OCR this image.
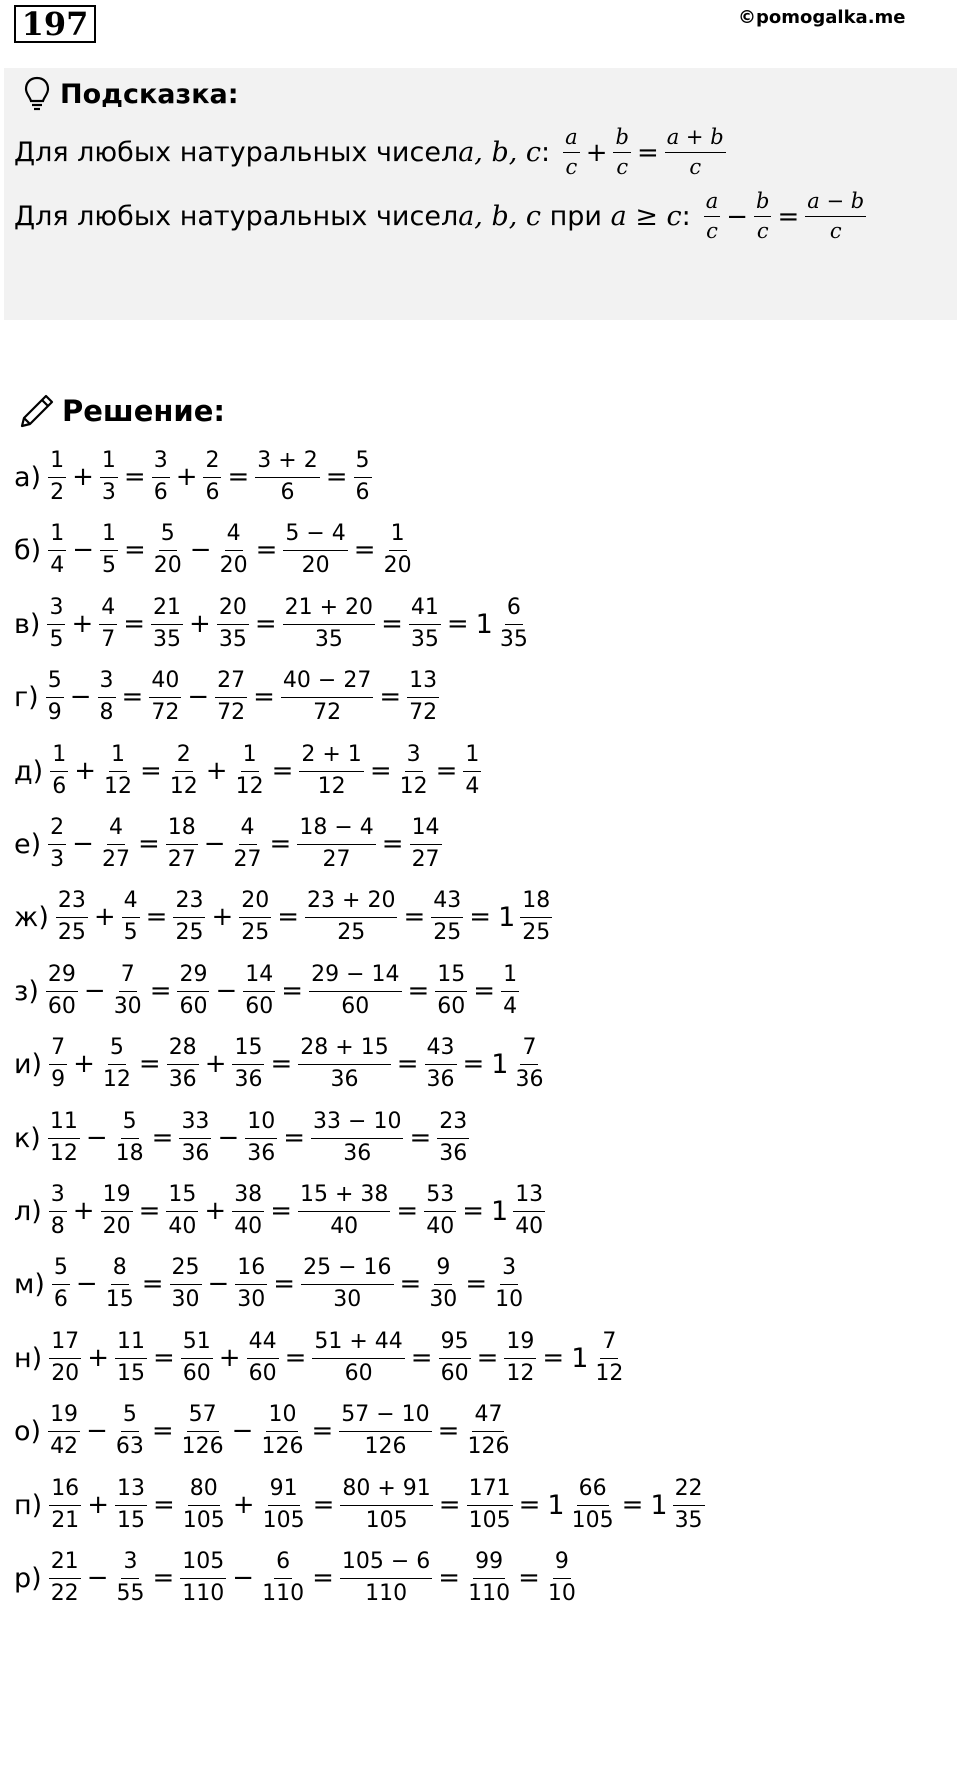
197	©pomogalka.me
Подсказка:
Для любых натуральных чисел a, b, c : $\frac{a}{c} + \frac{b}{c} = \frac{a + b}{c}$
Для любых натуральных чисел a, b, c при a ≥ c : $\frac{a}{c} - \frac{b}{c} = \frac{a - b}{c}$
Решение:
$а) \frac{1}{2} + \frac{1}{3} = \frac{3}{6} + \frac{2}{6} = \frac{3 + 2}{6} = \frac{5}{6}$
$б) \frac{1}{4} - \frac{1}{5} = \frac{5}{20} - \frac{4}{20} = \frac{5 - 4}{20} = \frac{1}{20}$
$в) \frac{3}{5} + \frac{4}{7} = \frac{21}{35} + \frac{20}{35} = \frac{21 + 20}{35} = \frac{41}{35} = 1 \frac{6}{35}$
$г) \frac{5}{9} - \frac{3}{8} = \frac{40}{72} - \frac{27}{72} = \frac{40 - 27}{72} = \frac{13}{72}$
$д) \frac{1}{6} + \frac{1}{12} = \frac{2}{12} + \frac{1}{12} = \frac{2 + 1}{12} = \frac{3}{12} = \frac{1}{4}$
$е) \frac{2}{3} - \frac{4}{27} = \frac{18}{27} - \frac{4}{27} = \frac{18 - 4}{27} = \frac{14}{27}$
$ж) \frac{23}{25} + \frac{4}{5} = \frac{23}{25} + \frac{20}{25} = \frac{23 + 20}{25} = \frac{43}{25} = 1 \frac{18}{25}$
$з) \frac{29}{60} - \frac{7}{30} = \frac{29}{60} - \frac{14}{60} = \frac{29 - 14}{60} = \frac{15}{60} = \frac{1}{4}$
$и) \frac{7}{9} + \frac{5}{12} = \frac{28}{36} + \frac{15}{36} = \frac{28 + 15}{36} = \frac{43}{36} = 1 \frac{7}{36}$
$к) \frac{11}{12} - \frac{5}{18} = \frac{33}{36} - \frac{10}{36} = \frac{33 - 10}{36} = \frac{23}{36}$
$л) \frac{3}{8} + \frac{19}{20} = \frac{15}{40} + \frac{38}{40} = \frac{15 + 38}{40} = \frac{53}{40} = 1 \frac{13}{40}$
$м) \frac{5}{6} - \frac{8}{15} = \frac{25}{30} - \frac{16}{30} = \frac{25 - 16}{30} = \frac{9}{30} = \frac{3}{10}$
$н) \frac{17}{20} + \frac{11}{15} = \frac{51}{60} + \frac{44}{60} = \frac{51 + 44}{60} = \frac{95}{60} = \frac{19}{12} = 1 \frac{7}{12}$
$о) \frac{19}{42} - \frac{5}{63} = \frac{57}{126} - \frac{10}{126} = \frac{57 - 10}{126} = \frac{47}{126}$
$п) \frac{16}{21} + \frac{13}{15} = \frac{80}{105} + \frac{91}{105} = \frac{80 + 91}{105} = \frac{171}{105} = 1 \frac{66}{105} = 1 \frac{22}{35}$
$р) \frac{21}{22} - \frac{3}{55} = \frac{105}{110} - \frac{6}{110} = \frac{105 - 6}{110} = \frac{99}{110} = \frac{9}{10}$
